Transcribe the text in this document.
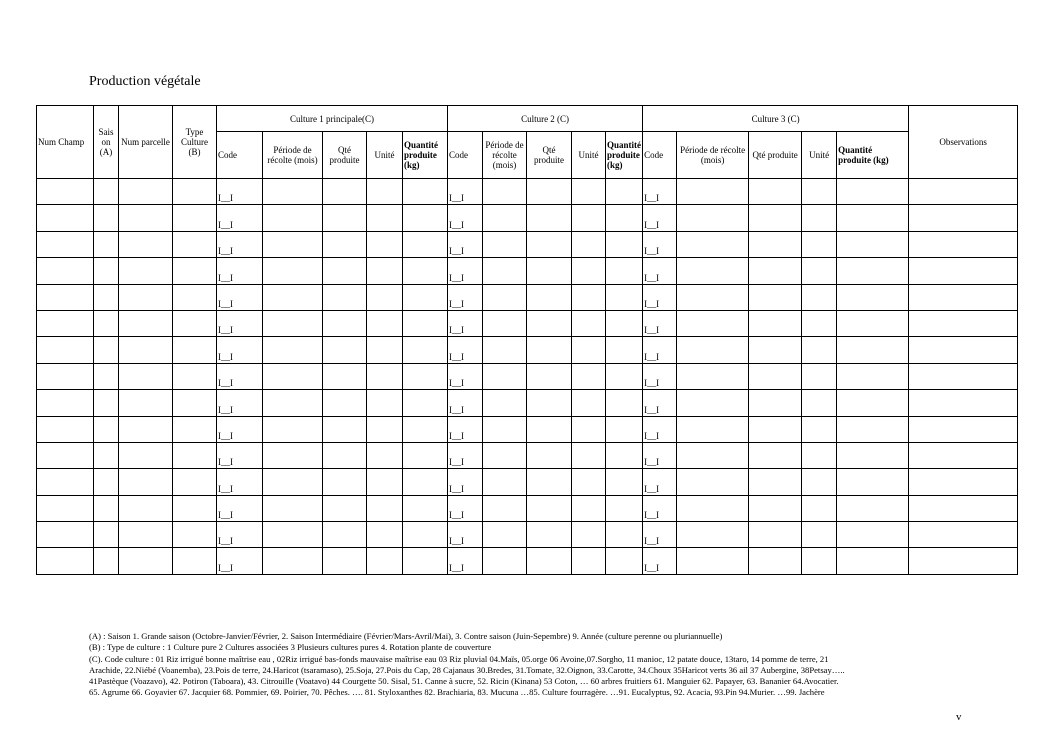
Production végétale
Num Champ	Sais on (A)	Num parcelle	Type Culture (B)	Culture 1 principale(C)					Culture 2 (C)					Culture 3 (C)					Observations
				Code	Période de récolte (mois)	Qté produite	Unité	Quantité produite (kg)	Code	Période de récolte (mois)	Qté produite	Unité	Quantité produite (kg)	Code	Période de récolte (mois)	Qté produite	Unité	Quantité produite (kg)	
				I__I					I__I					I__I					
				I__I					I__I					I__I					
				I__I					I__I					I__I					
				I__I					I__I					I__I					
				I__I					I__I					I__I					
				I__I					I__I					I__I					
				I__I					I__I					I__I					
				I__I					I__I					I__I					
				I__I					I__I					I__I					
				I__I					I__I					I__I					
				I__I					I__I					I__I					
				I__I					I__I					I__I					
				I__I					I__I					I__I					
				I__I					I__I					I__I					
				I__I					I__I					I__I					
(A) : Saison 1. Grande saison (Octobre-Janvier/Février, 2. Saison Intermédiaire (Février/Mars-Avril/Mai), 3. Contre saison (Juin-Sepembre) 9. Année (culture perenne ou pluriannuelle)
(B) : Type de culture : 1 Culture pure 2 Cultures associées 3 Plusieurs cultures pures 4. Rotation plante de couverture
(C). Code culture : 01 Riz irrigué bonne maîtrise eau , 02Riz irrigué bas-fonds mauvaise maîtrise eau 03 Riz pluvial 04.Maïs, 05.orge 06 Avoine,07.Sorgho, 11 manioc, 12 patate douce, 13taro, 14 pomme de terre, 21
Arachide, 22.Niébé (Voanemba), 23.Pois de terre, 24.Haricot (tsaramaso), 25.Soja, 27.Pois du Cap, 28 Cajanaus 30.Bredes, 31.Tomate, 32.Oignon, 33.Carotte, 34.Choux 35Haricot verts 36 ail 37 Aubergine, 38Petsay…..
41Pastèque (Voazavo), 42. Potiron (Taboara), 43. Citrouille (Voatavo) 44 Courgette 50. Sisal, 51. Canne à sucre, 52. Ricin (Kinana) 53 Coton, … 60 arbres fruitiers 61. Manguier 62. Papayer, 63. Bananier 64.Avocatier.
65. Agrume 66. Goyavier 67. Jacquier 68. Pommier, 69. Poirier, 70. Pêches. …. 81. Styloxanthes 82. Brachiaria, 83. Mucuna …85. Culture fourragère. …91. Eucalyptus, 92. Acacia, 93.Pin 94.Murier. …99. Jachère
v
